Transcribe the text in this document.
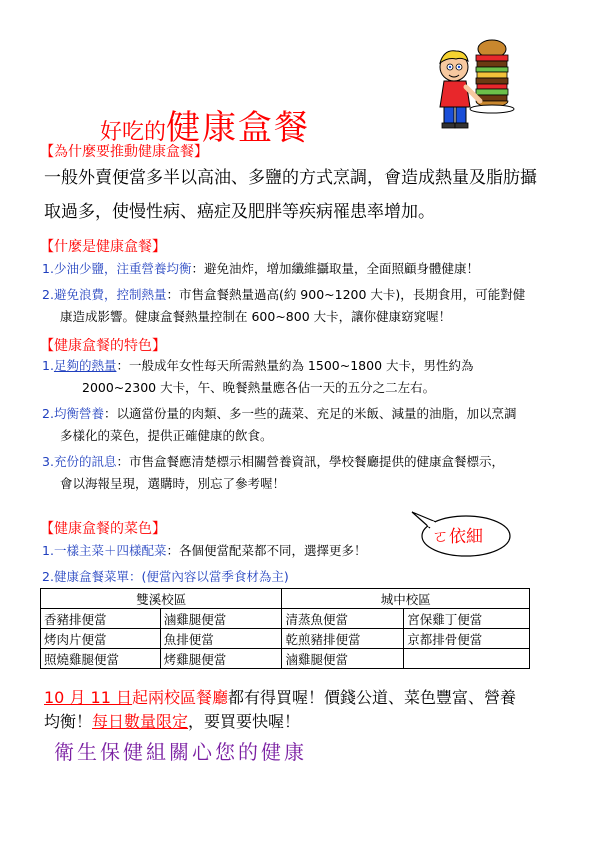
好吃的健康盒餐
【為什麼要推動健康盒餐】
一般外賣便當多半以高油、多鹽的方式烹調，會造成熱量及脂肪攝
取過多，使慢性病、癌症及肥胖等疾病罹患率增加。
【什麼是健康盒餐】
1.少油少鹽，注重營養均衡：避免油炸，增加纖維攝取量，全面照顧身體健康！
2.避免浪費，控制熱量：市售盒餐熱量過高(約 900~1200 大卡)，長期食用，可能對健
康造成影響。健康盒餐熱量控制在 600~800 大卡，讓你健康窈窕喔！
【健康盒餐的特色】
1.足夠的熱量：一般成年女性每天所需熱量約為 1500~1800 大卡，男性約為
2000~2300 大卡，午、晚餐熱量應各佔一天的五分之二左右。
2.均衡營養：以適當份量的肉類、多一些的蔬菜、充足的米飯、減量的油脂，加以烹調
多樣化的菜色，提供正確健康的飲食。
3.充份的訊息：市售盒餐應清楚標示相關營養資訊，學校餐廳提供的健康盒餐標示，
會以海報呈現，選購時，別忘了參考喔！
ㄛ依細
【健康盒餐的菜色】
1.一樣主菜＋四樣配菜：各個便當配菜都不同，選擇更多！
2.健康盒餐菜單：(便當內容以當季食材為主)
雙溪校區		城中校區	
香豬排便當	滷雞腿便當	清蒸魚便當	宮保雞丁便當
烤肉片便當	魚排便當	乾煎豬排便當	京都排骨便當
照燒雞腿便當	烤雞腿便當	滷雞腿便當	
10 月 11 日起兩校區餐廳都有得買喔！價錢公道、菜色豐富、營養
均衡！每日數量限定，要買要快喔！
衛生保健組關心您的健康
